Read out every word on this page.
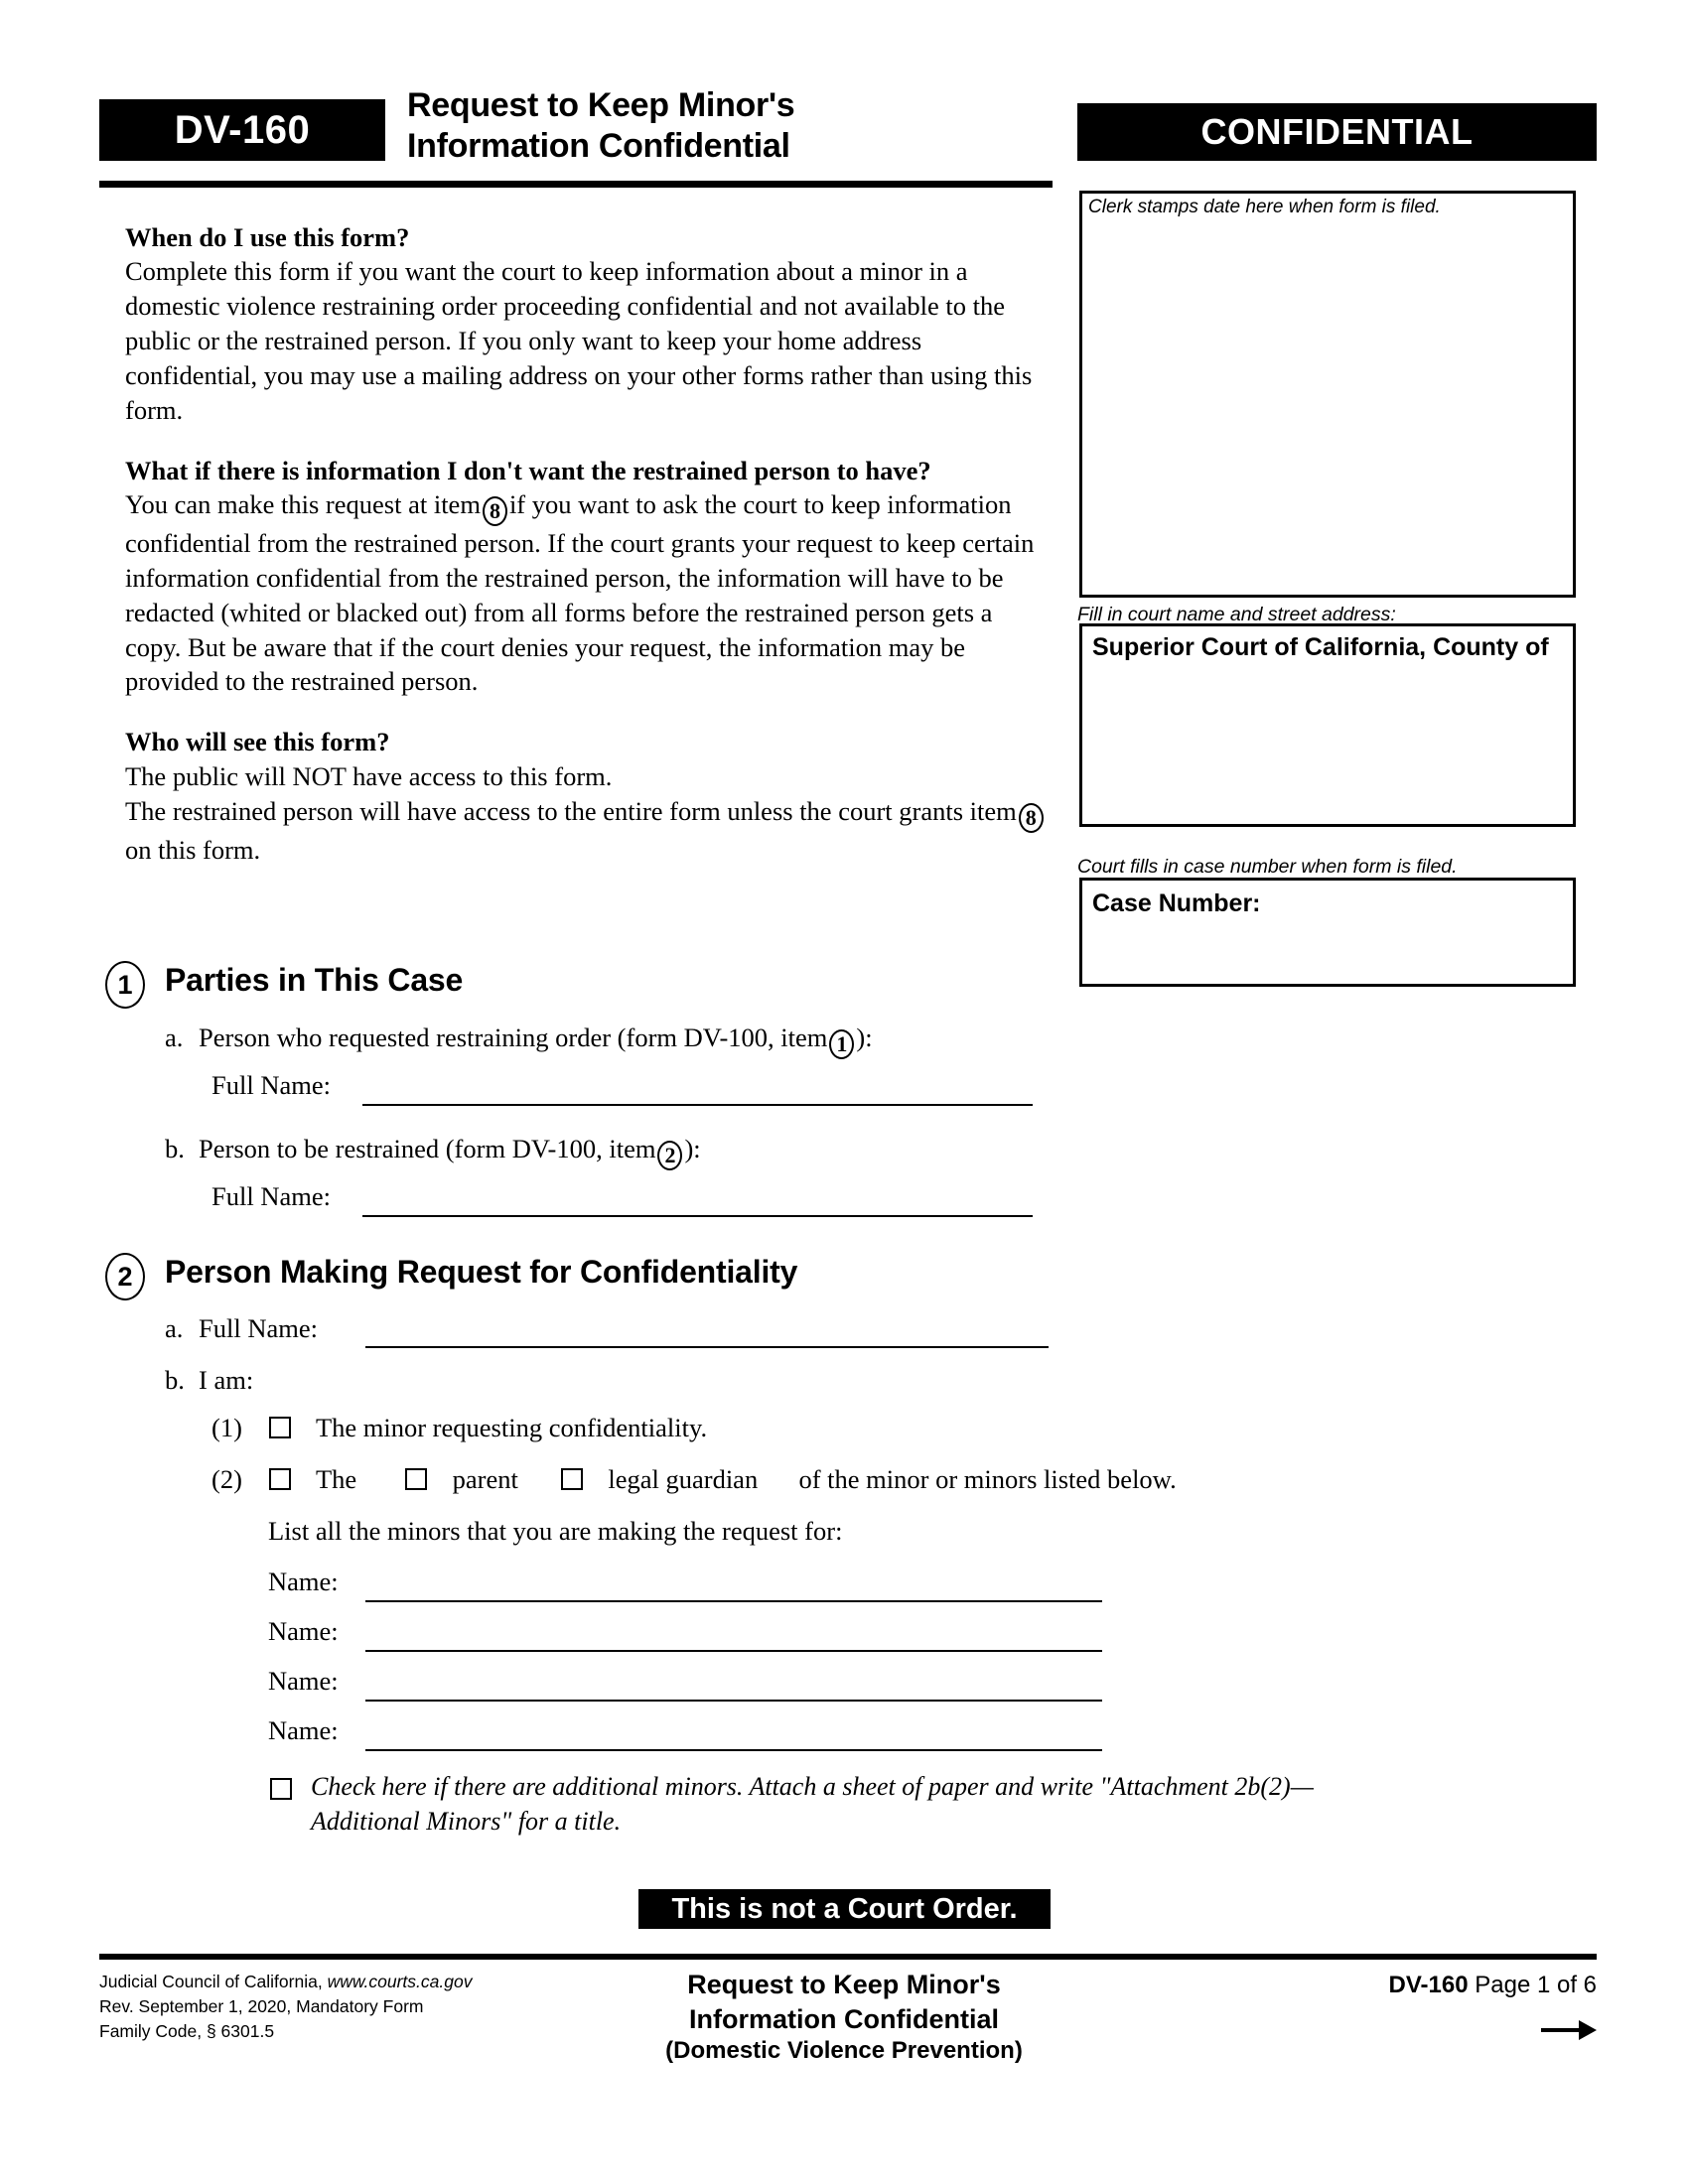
DV-160
Request to Keep Minor's
Information Confidential	CONFIDENTIAL
When do I use this form?
Complete this form if you want the court to keep information about a minor in a domestic violence restraining order proceeding confidential and not available to the public or the restrained person. If you only want to keep your home address confidential, you may use a mailing address on your other forms rather than using this form.
What if there is information I don't want the restrained person to have?
You can make this request at item 8 if you want to ask the court to keep information confidential from the restrained person. If the court grants your request to keep certain information confidential from the restrained person, the information will have to be redacted (whited or blacked out) from all forms before the restrained person gets a copy. But be aware that if the court denies your request, the information may be provided to the restrained person.
Who will see this form?
The public will NOT have access to this form.
The restrained person will have access to the entire form unless the court grants item 8on this form.
Clerk stamps date here when form is filed.
Fill in court name and street address:
Superior Court of California, County of
Court fills in case number when form is filed.
Case Number:
1	Parties in This Case
a. Person who requested restraining order (form DV-100, item 1 ):
Full Name:
b. Person to be restrained (form DV-100, item 2 ):
Full Name:
2	Person Making Request for Confidentiality
a. Full Name:
b. I am:
(1)	The minor requesting confidentiality.
(2)	The	parent	legal guardian of the minor or minors listed below.
List all the minors that you are making the request for:
Name:
Name:
Name:
Name:
Check here if there are additional minors. Attach a sheet of paper and write "Attachment 2b(2)—
Additional Minors" for a title.
This is not a Court Order.
Judicial Council of California, www.courts.ca.gov
Rev. September 1, 2020, Mandatory Form
Family Code, § 6301.5
Request to Keep Minor's
Information Confidential
(Domestic Violence Prevention)
DV-160 Page 1 of 6
